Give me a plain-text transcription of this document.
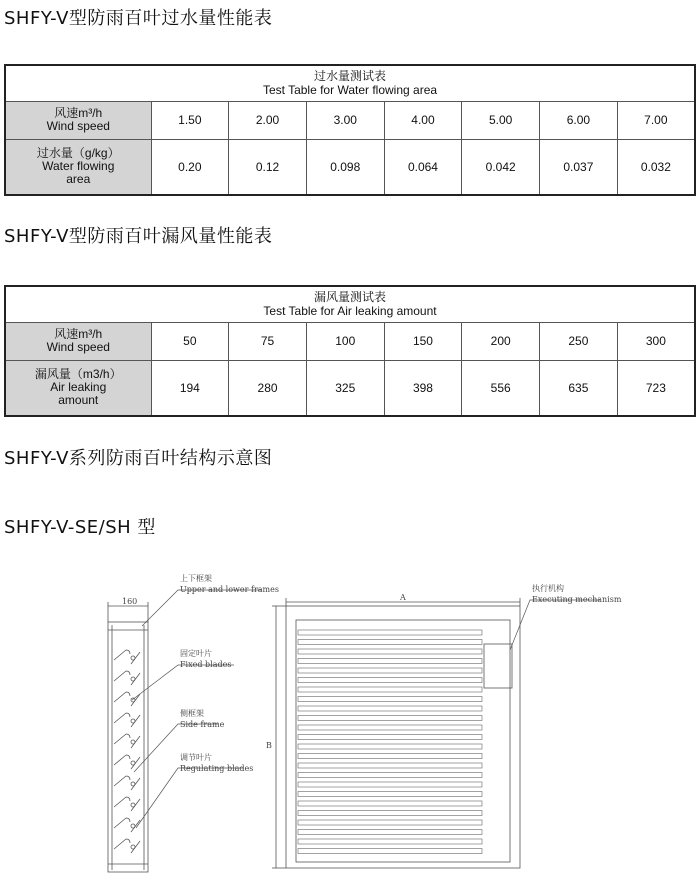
SHFY-V型防雨百叶过水量性能表
SHFY-V型防雨百叶漏风量性能表
SHFY-V系列防雨百叶结构示意图
SHFY-V-SE/SH 型
过水量测试表
Test Table for Water flowing area							

风速m³/h
Wind speed	1.50	2.00	3.00	4.00	5.00	6.00	7.00

过水量（g/kg）
Water flowing
area	0.20	0.12	0.098	0.064	0.042	0.037	0.032
漏风量测试表
Test Table for Air leaking amount							

风速m³/h
Wind speed	50	75	100	150	200	250	300

漏风量（m3/h）
Air leaking
amount	194	280	325	398	556	635	723
160	A
B
上下框架
Upper and lower frames
固定叶片
Fixed blades
侧框架
Side frame
调节叶片
Regulating blades
执行机构
Executing mechanism
